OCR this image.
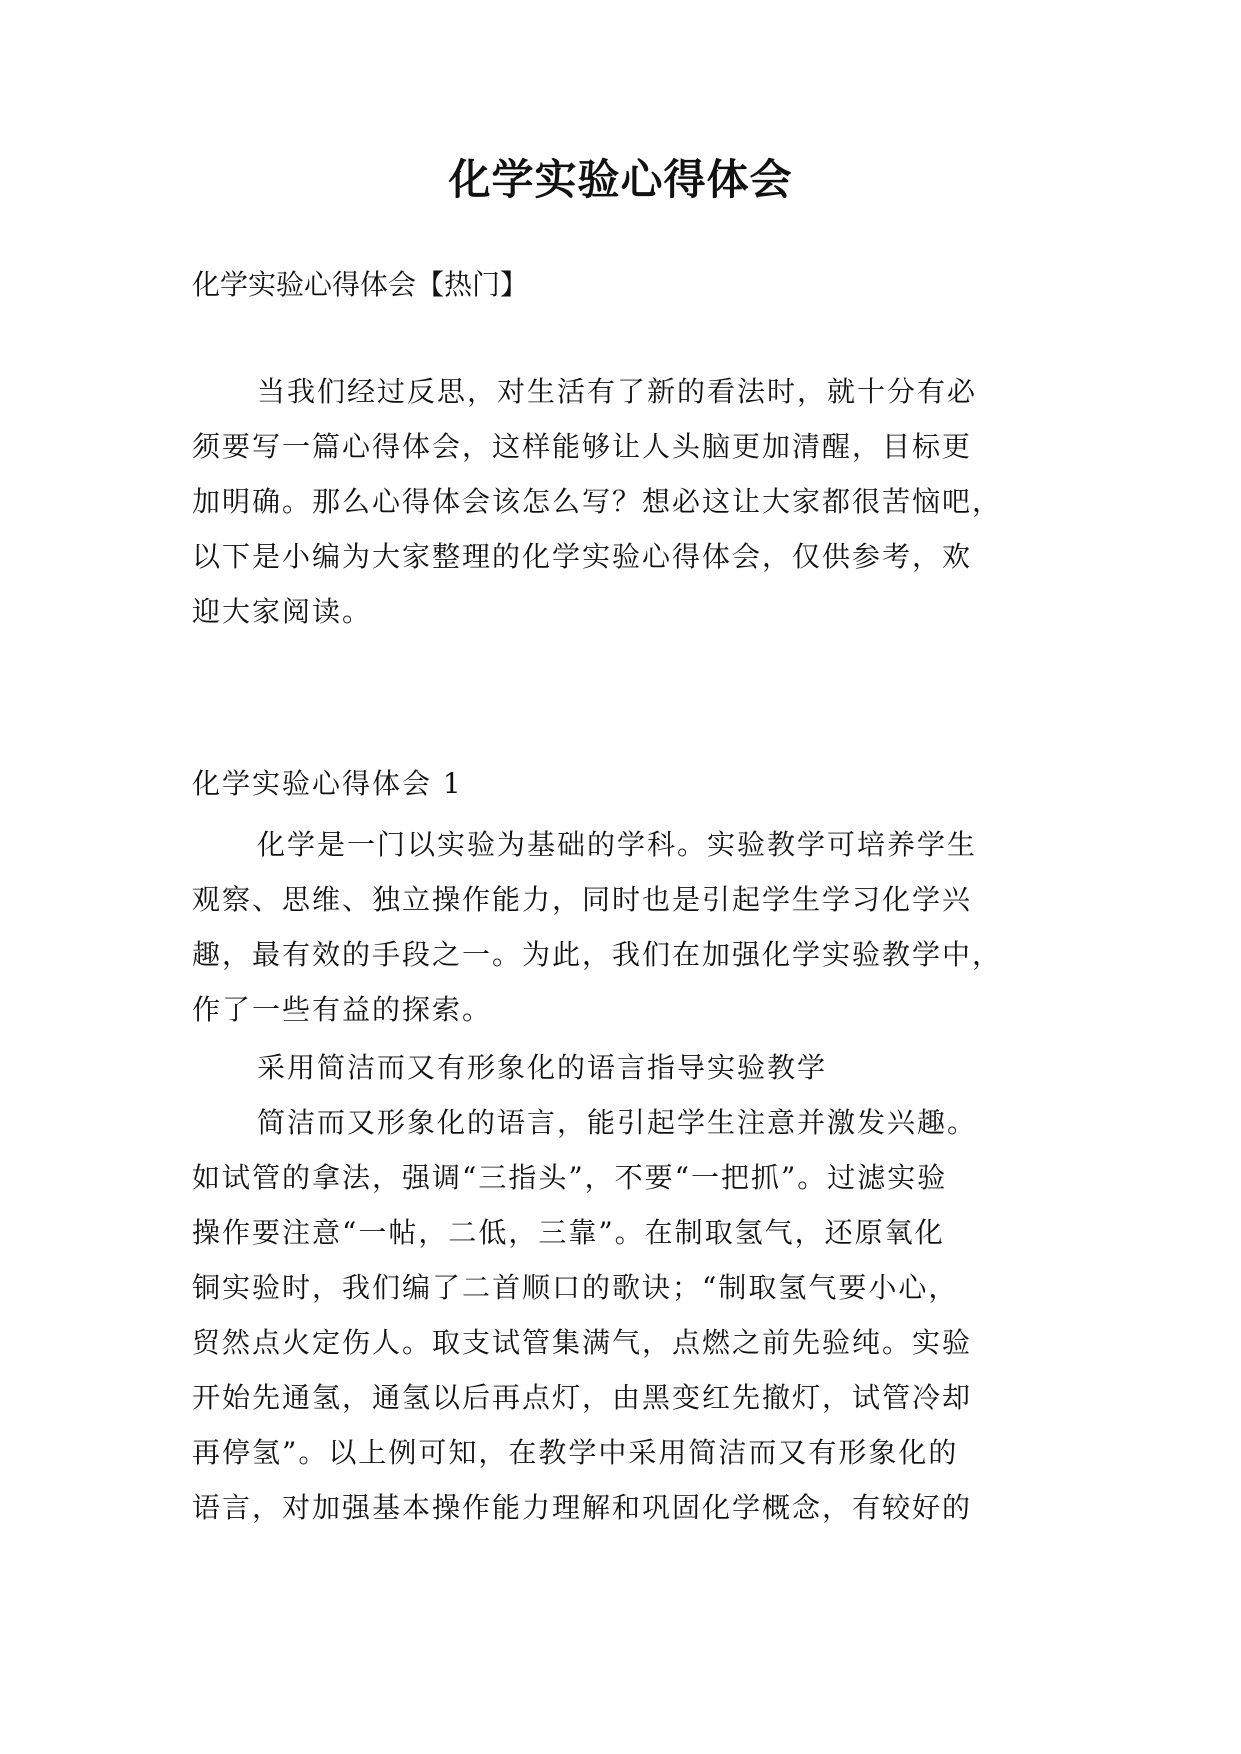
化学实验心得体会
化学实验心得体会【热门】
当我们经过反思，对生活有了新的看法时，就十分有必
须要写一篇心得体会，这样能够让人头脑更加清醒，目标更
加明确。那么心得体会该怎么写？想必这让大家都很苦恼吧，
以下是小编为大家整理的化学实验心得体会，仅供参考，欢
迎大家阅读。
化学实验心得体会 1
化学是一门以实验为基础的学科。实验教学可培养学生
观察、思维、独立操作能力，同时也是引起学生学习化学兴
趣，最有效的手段之一。为此，我们在加强化学实验教学中，
作了一些有益的探索。
采用简洁而又有形象化的语言指导实验教学
简洁而又形象化的语言，能引起学生注意并激发兴趣。
如试管的拿法，强调“三指头”，不要“一把抓”。过滤实验
操作要注意“一帖，二低，三靠”。在制取氢气，还原氧化
铜实验时，我们编了二首顺口的歌诀；“制取氢气要小心，
贸然点火定伤人。取支试管集满气，点燃之前先验纯。实验
开始先通氢，通氢以后再点灯，由黑变红先撤灯，试管冷却
再停氢”。以上例可知，在教学中采用简洁而又有形象化的
语言，对加强基本操作能力理解和巩固化学概念，有较好的
